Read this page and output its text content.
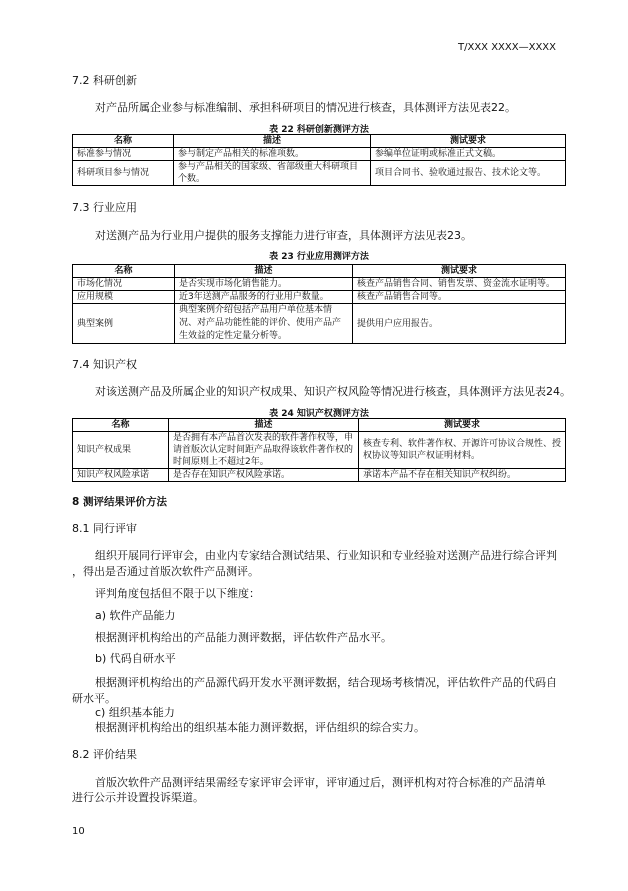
T/XXX XXXX—XXXX
7.2 科研创新
对产品所属企业参与标准编制、承担科研项目的情况进行核查，具体测评方法见表22。
表 22 科研创新测评方法
名称	描述	测试要求
标准参与情况	参与制定产品相关的标准项数。	参编单位证明或标准正式文稿。
科研项目参与情况	参与产品相关的国家级、省部级重大科研项目个数。	项目合同书、验收通过报告、技术论文等。
7.3 行业应用
对送测产品为行业用户提供的服务支撑能力进行审查，具体测评方法见表23。
表 23 行业应用测评方法
名称	描述	测试要求
市场化情况	是否实现市场化销售能力。	核查产品销售合同、销售发票、资金流水证明等。
应用规模	近3年送测产品服务的行业用户数量。	核查产品销售合同等。
典型案例	典型案例介绍包括产品用户单位基本情况、对产品功能性能的评价、使用产品产生效益的定性定量分析等。	提供用户应用报告。
7.4 知识产权
对该送测产品及所属企业的知识产权成果、知识产权风险等情况进行核查，具体测评方法见表24。
表 24 知识产权测评方法
名称	描述	测试要求
知识产权成果	是否拥有本产品首次发表的软件著作权等，申请首版次认定时间距产品取得该软件著作权的时间原则上不超过2年。	核查专利、软件著作权、开源许可协议合规性、授权协议等知识产权证明材料。
知识产权风险承诺	是否存在知识产权风险承诺。	承诺本产品不存在相关知识产权纠纷。
8 测评结果评价方法
8.1 同行评审
组织开展同行评审会，由业内专家结合测试结果、行业知识和专业经验对送测产品进行综合评判
，得出是否通过首版次软件产品测评。
评判角度包括但不限于以下维度：
a) 软件产品能力
根据测评机构给出的产品能力测评数据，评估软件产品水平。
b) 代码自研水平
根据测评机构给出的产品源代码开发水平测评数据，结合现场考核情况，评估软件产品的代码自
研水平。
c) 组织基本能力
根据测评机构给出的组织基本能力测评数据，评估组织的综合实力。
8.2 评价结果
首版次软件产品测评结果需经专家评审会评审，评审通过后，测评机构对符合标准的产品清单
进行公示并设置投诉渠道。
10
